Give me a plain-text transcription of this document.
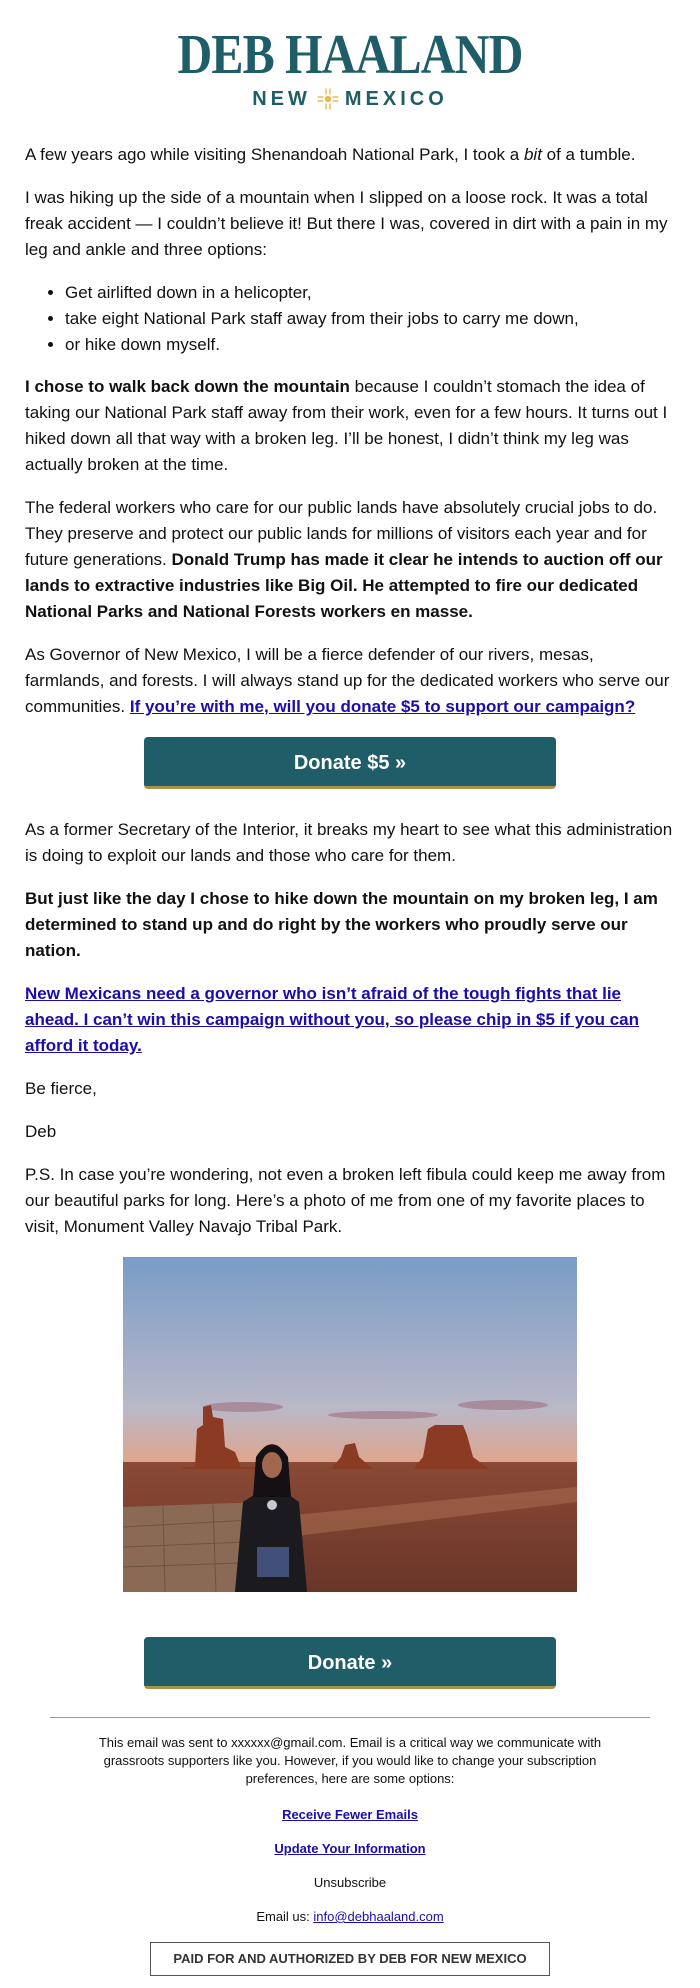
DEB HAALAND
NEW MEXICO

A few years ago while visiting Shenandoah National Park, I took a bit of a tumble.

I was hiking up the side of a mountain when I slipped on a loose rock. It was a total freak accident — I couldn’t believe it! But there I was, covered in dirt with a pain in my leg and ankle and three options:

• Get airlifted down in a helicopter,
• take eight National Park staff away from their jobs to carry me down,
• or hike down myself.

I chose to walk back down the mountain because I couldn’t stomach the idea of taking our National Park staff away from their work, even for a few hours. It turns out I hiked down all that way with a broken leg. I’ll be honest, I didn’t think my leg was actually broken at the time.

The federal workers who care for our public lands have absolutely crucial jobs to do. They preserve and protect our public lands for millions of visitors each year and for future generations. Donald Trump has made it clear he intends to auction off our lands to extractive industries like Big Oil. He attempted to fire our dedicated National Parks and National Forests workers en masse.

As Governor of New Mexico, I will be a fierce defender of our rivers, mesas, farmlands, and forests. I will always stand up for the dedicated workers who serve our communities. If you’re with me, will you donate $5 to support our campaign?

Donate $5 »

As a former Secretary of the Interior, it breaks my heart to see what this administration is doing to exploit our lands and those who care for them.

But just like the day I chose to hike down the mountain on my broken leg, I am determined to stand up and do right by the workers who proudly serve our nation.

New Mexicans need a governor who isn’t afraid of the tough fights that lie ahead. I can’t win this campaign without you, so please chip in $5 if you can afford it today.

Be fierce,

Deb

P.S. In case you’re wondering, not even a broken left fibula could keep me away from our beautiful parks for long. Here’s a photo of me from one of my favorite places to visit, Monument Valley Navajo Tribal Park.

Donate »

This email was sent to xxxxxx@gmail.com. Email is a critical way we communicate with grassroots supporters like you. However, if you would like to change your subscription preferences, here are some options:

Receive Fewer Emails

Update Your Information

Unsubscribe

Email us: info@debhaaland.com

PAID FOR AND AUTHORIZED BY DEB FOR NEW MEXICO
